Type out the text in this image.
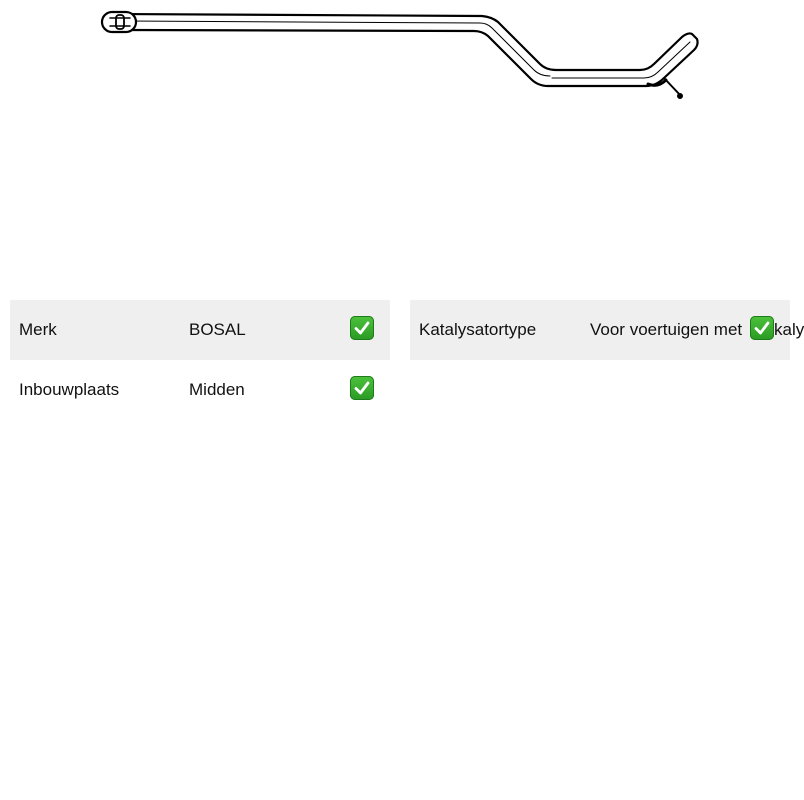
Merk	BOSAL
Inbouwplaats	Midden
Katalysatortype	Voor voertuigen met kaly
